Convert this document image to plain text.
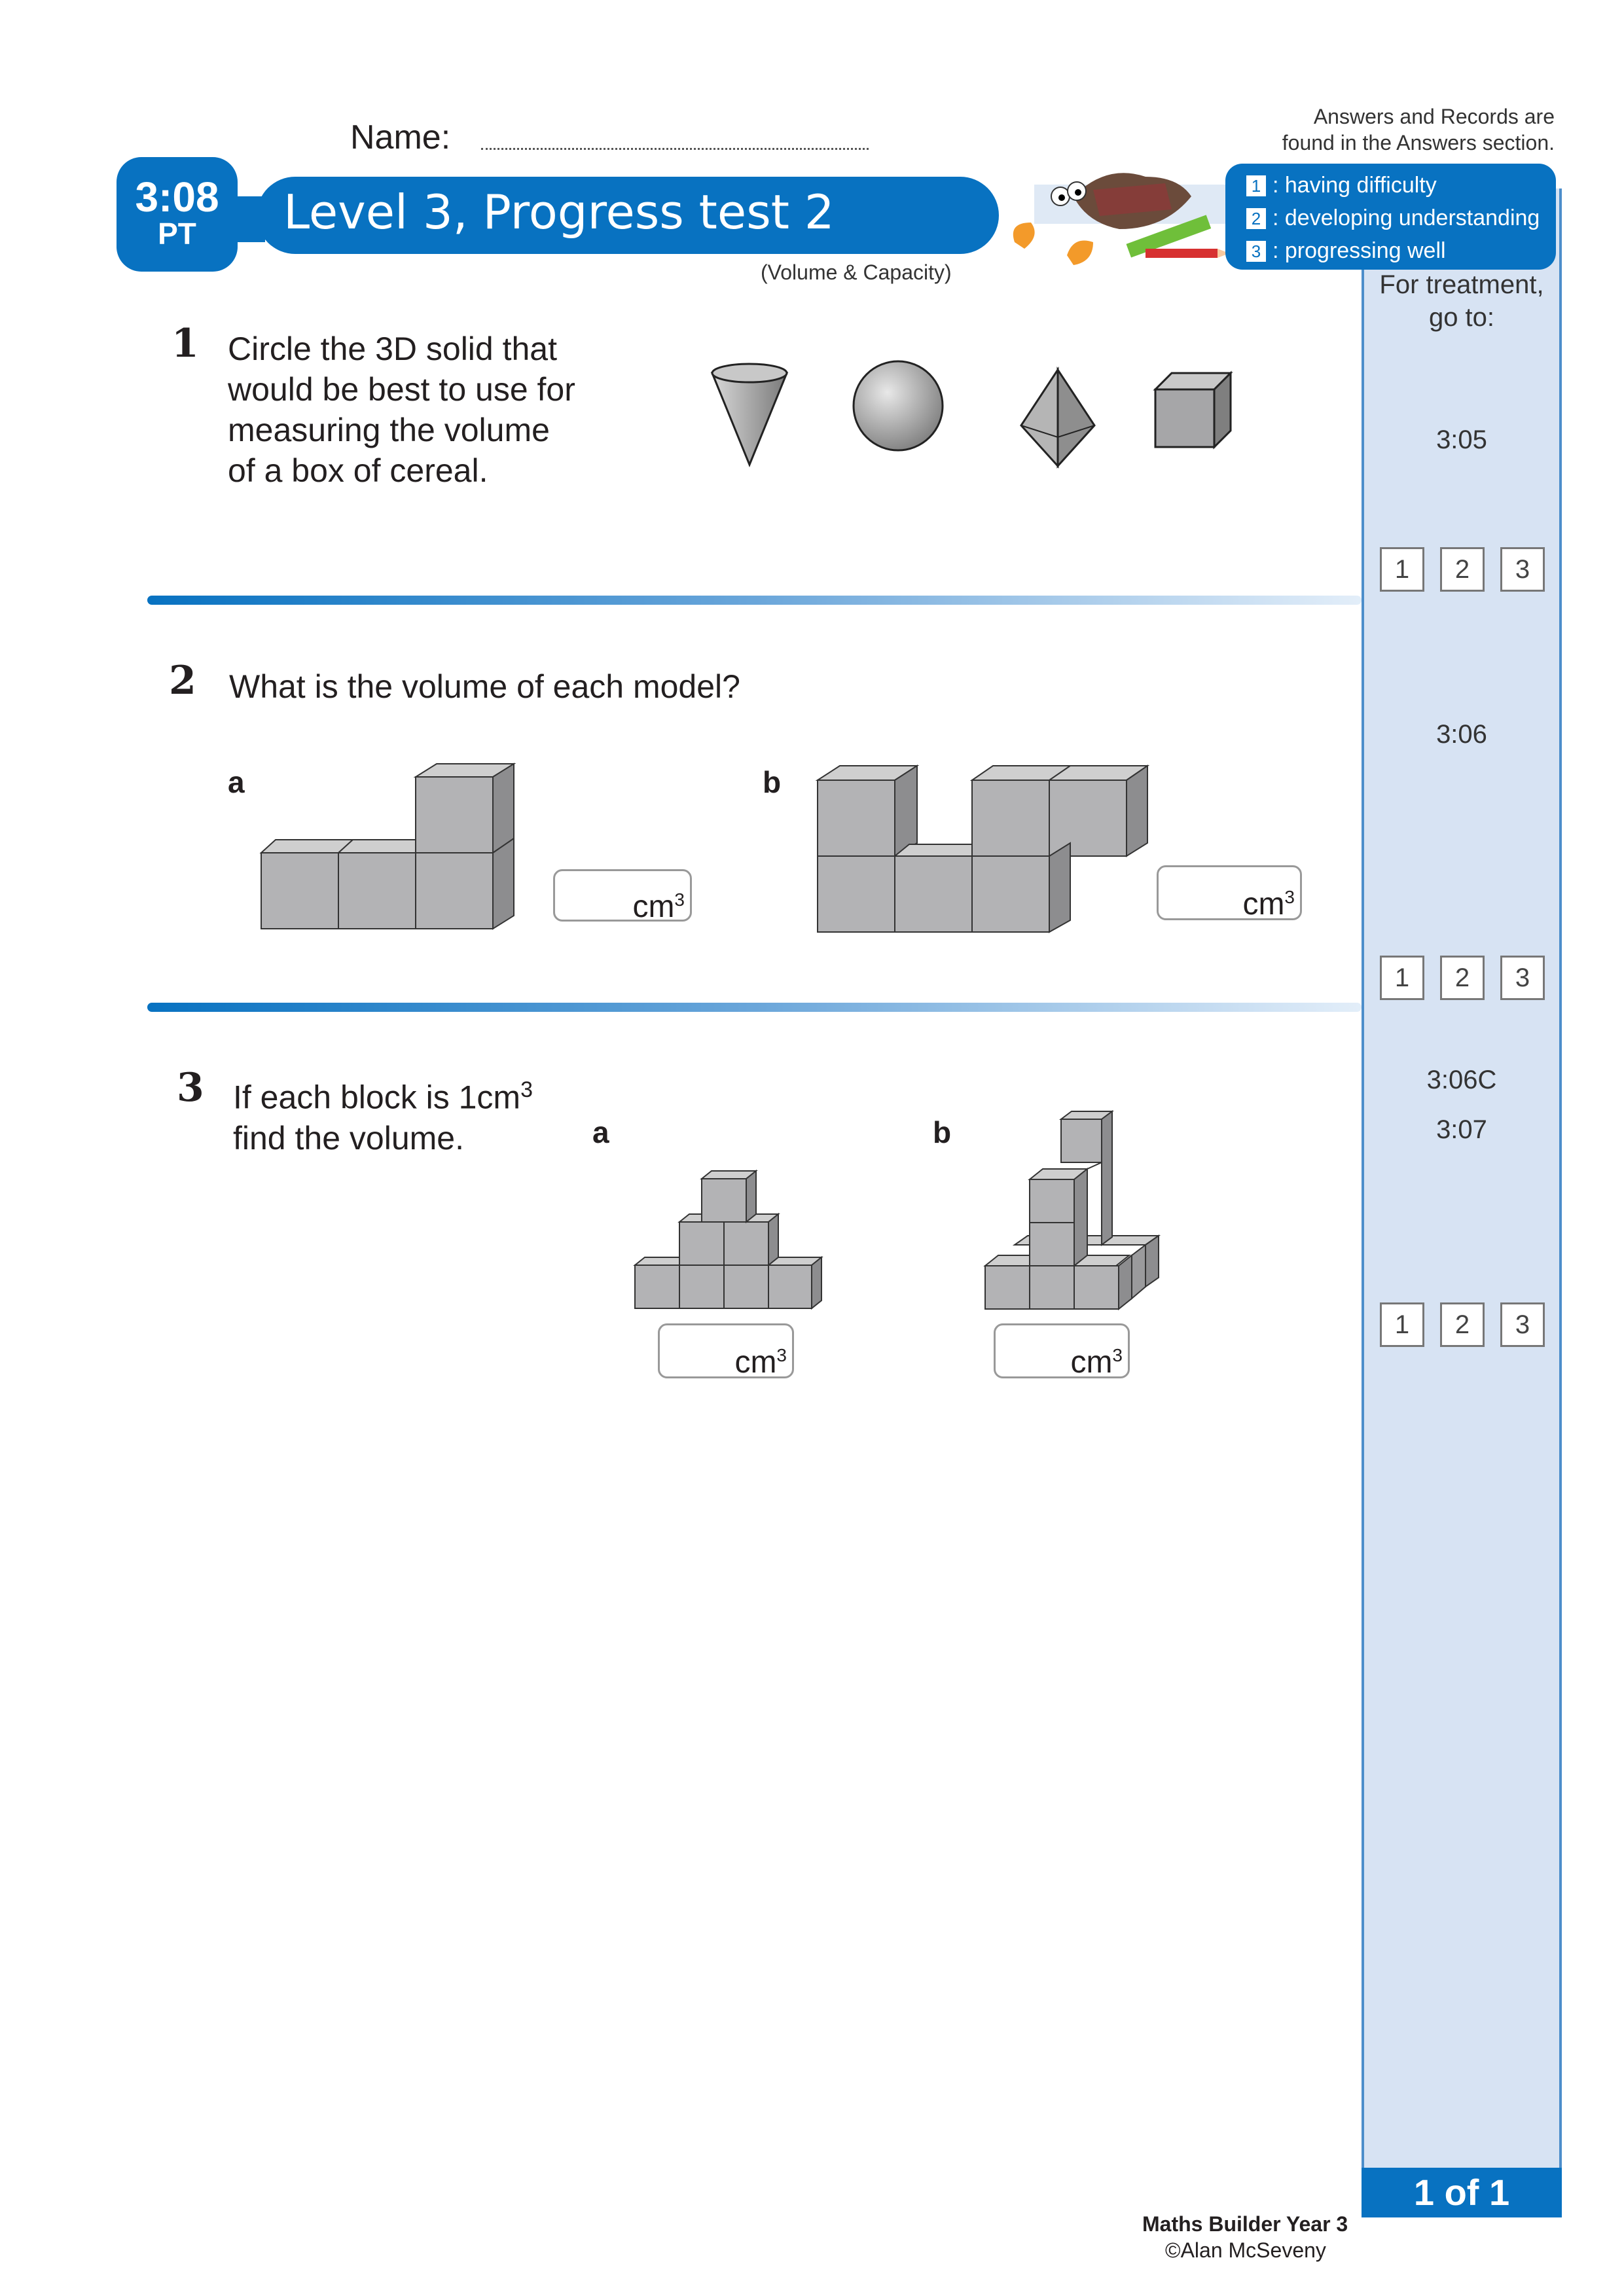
For treatment,
go to:
3:05
3:06
3:06C
3:07
1	2	3
1	2	3
1	2	3
1 of 1
Name:
Answers and Records are
found in the Answers section.
3:08
PT	Level 3, Progress test 2
(Volume & Capacity)
1 : having difficulty
2 : developing understanding
3 : progressing well
1 Circle the 3D solid that
would be best to use for
measuring the volume
of a box of cereal.
2 What is the volume of each model?
a	b
$cm^3$	$cm^3$
3 If each block is $1cm^3$
find the volume.	a	b
$cm^3$	$cm^3$
Maths Builder Year 3
©Alan McSeveny
